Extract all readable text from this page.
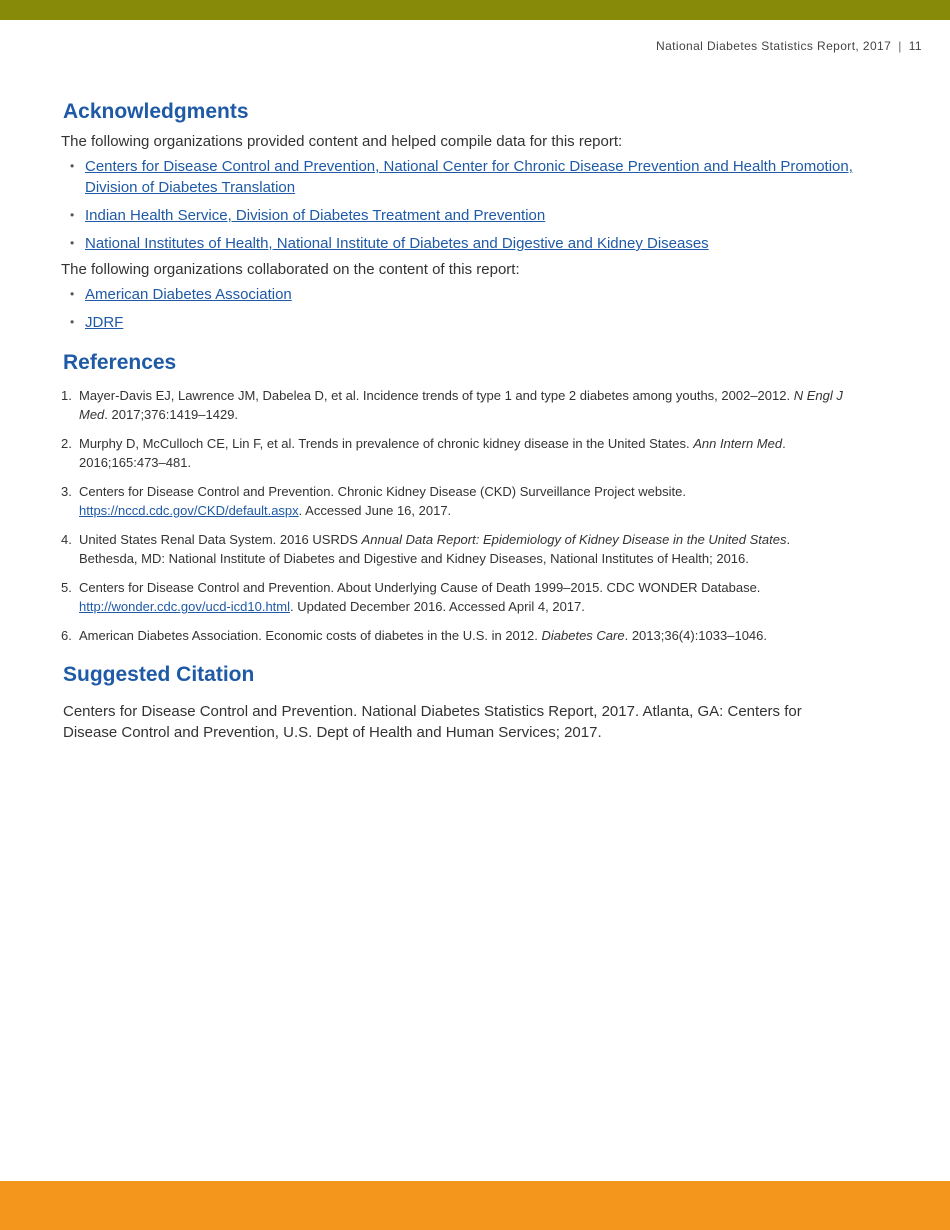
National Diabetes Statistics Report, 2017 | 11
Acknowledgments

The following organizations provided content and helped compile data for this report:

• Centers for Disease Control and Prevention, National Center for Chronic Disease Prevention and Health Promotion, Division of Diabetes Translation
• Indian Health Service, Division of Diabetes Treatment and Prevention
• National Institutes of Health, National Institute of Diabetes and Digestive and Kidney Diseases

The following organizations collaborated on the content of this report:

• American Diabetes Association
• JDRF
References
1. Mayer-Davis EJ, Lawrence JM, Dabelea D, et al. Incidence trends of type 1 and type 2 diabetes among youths, 2002–2012. N Engl J Med. 2017;376:1419–1429.
2. Murphy D, McCulloch CE, Lin F, et al. Trends in prevalence of chronic kidney disease in the United States. Ann Intern Med. 2016;165:473–481.
3. Centers for Disease Control and Prevention. Chronic Kidney Disease (CKD) Surveillance Project website. https://nccd.cdc.gov/CKD/default.aspx. Accessed June 16, 2017.
4. United States Renal Data System. 2016 USRDS Annual Data Report: Epidemiology of Kidney Disease in the United States. Bethesda, MD: National Institute of Diabetes and Digestive and Kidney Diseases, National Institutes of Health; 2016.
5. Centers for Disease Control and Prevention. About Underlying Cause of Death 1999–2015. CDC WONDER Database. http://wonder.cdc.gov/ucd-icd10.html. Updated December 2016. Accessed April 4, 2017.
6. American Diabetes Association. Economic costs of diabetes in the U.S. in 2012. Diabetes Care. 2013;36(4):1033–1046.
Suggested Citation

Centers for Disease Control and Prevention. National Diabetes Statistics Report, 2017. Atlanta, GA: Centers for Disease Control and Prevention, U.S. Dept of Health and Human Services; 2017.
